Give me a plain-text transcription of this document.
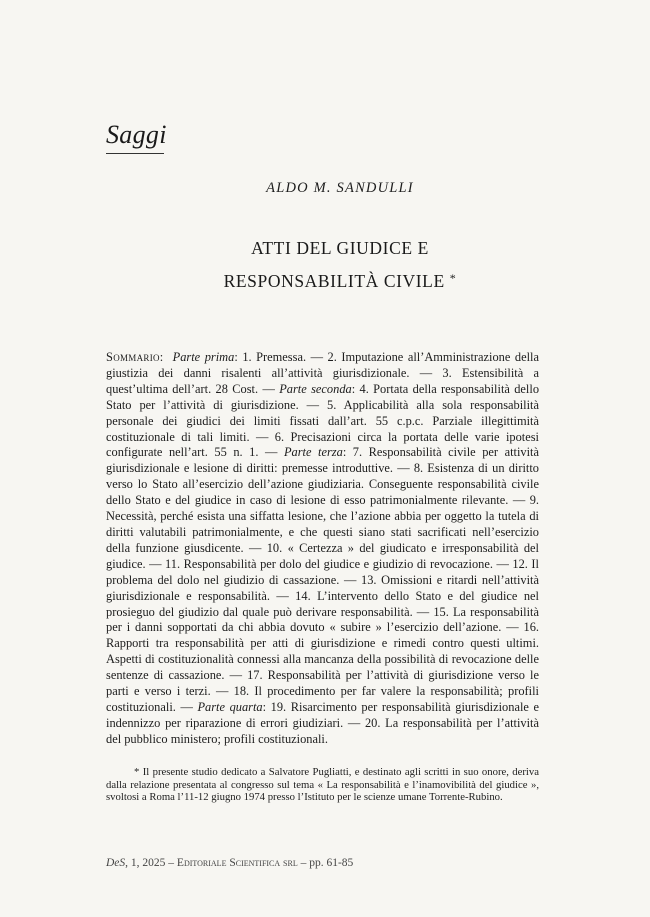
Saggi
ALDO M. SANDULLI
ATTI DEL GIUDICE E
RESPONSABILITÀ CIVILE *
Sommario: Parte prima: 1. Premessa. — 2. Imputazione all’Amministrazione della giustizia dei danni risalenti all’attività giurisdizionale. — 3. Estensibilità a quest’ultima dell’art. 28 Cost. — Parte seconda: 4. Portata della responsabilità dello Stato per l’attività di giurisdizione. — 5. Applicabilità alla sola responsabilità personale dei giudici dei limiti fissati dall’art. 55 c.p.c. Parziale illegittimità costituzionale di tali limiti. — 6. Precisazioni circa la portata delle varie ipotesi configurate nell’art. 55 n. 1. — Parte terza: 7. Responsabilità civile per attività giurisdizionale e lesione di diritti: premesse introduttive. — 8. Esistenza di un diritto verso lo Stato all’esercizio dell’azione giudiziaria. Conseguente responsabilità civile dello Stato e del giudice in caso di lesione di esso patrimonialmente rilevante. — 9. Necessità, perché esista una siffatta lesione, che l’azione abbia per oggetto la tutela di diritti valutabili patrimonialmente, e che questi siano stati sacrificati nell’esercizio della funzione giusdicente. — 10. « Certezza » del giudicato e irresponsabilità del giudice. — 11. Responsabilità per dolo del giudice e giudizio di revocazione. — 12. Il problema del dolo nel giudizio di cassazione. — 13. Omissioni e ritardi nell’attività giurisdizionale e responsabilità. — 14. L’intervento dello Stato e del giudice nel prosieguo del giudizio dal quale può derivare responsabilità. — 15. La responsabilità per i danni sopportati da chi abbia dovuto « subire » l’esercizio dell’azione. — 16. Rapporti tra responsabilità per atti di giurisdizione e rimedi contro questi ultimi. Aspetti di costituzionalità connessi alla mancanza della possibilità di revocazione delle sentenze di cassazione. — 17. Responsabilità per l’attività di giurisdizione verso le parti e verso i terzi. — 18. Il procedimento per far valere la responsabilità; profili costituzionali. — Parte quarta: 19. Risarcimento per responsabilità giurisdizionale e indennizzo per riparazione di errori giudiziari. — 20. La responsabilità per l’attività del pubblico ministero; profili costituzionali.
* Il presente studio dedicato a Salvatore Pugliatti, e destinato agli scritti in suo onore, deriva dalla relazione presentata al congresso sul tema « La responsabilità e l’inamovibilità del giudice », svoltosi a Roma l’11-12 giugno 1974 presso l’Istituto per le scienze umane Torrente-Rubino.
DeS, 1, 2025 – Editoriale Scientifica srl – pp. 61-85
